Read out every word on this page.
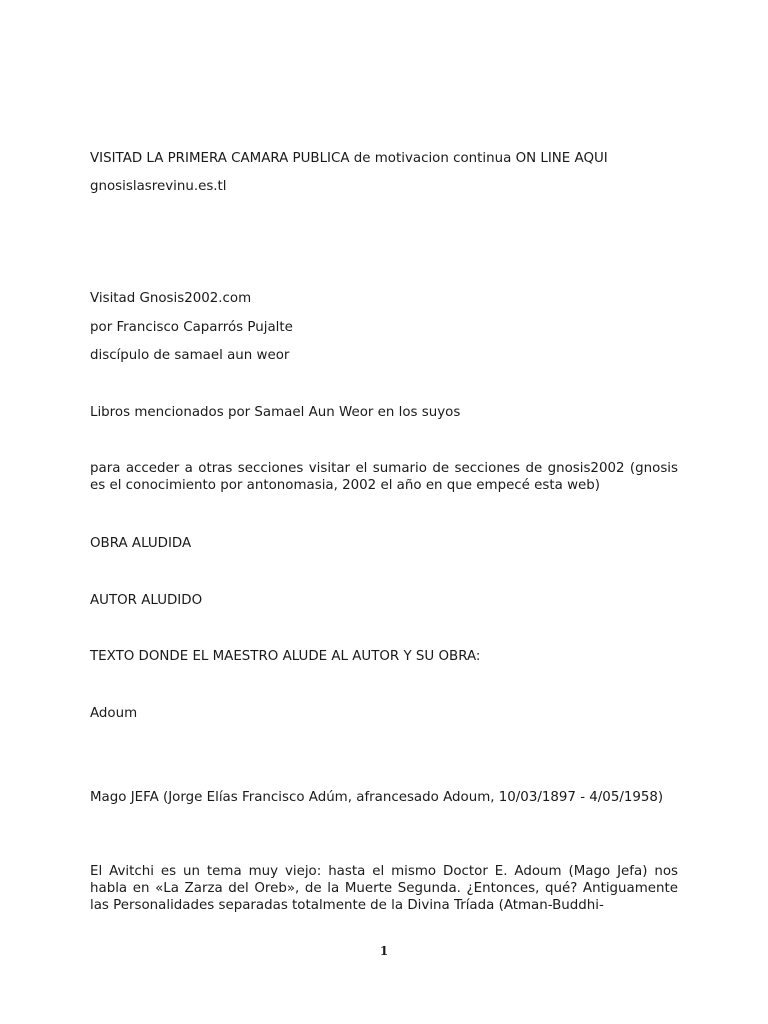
VISITAD LA PRIMERA CAMARA PUBLICA de motivacion continua ON LINE AQUI
gnosislasrevinu.es.tl
Visitad Gnosis2002.com
por Francisco Caparrós Pujalte
discípulo de samael aun weor
Libros mencionados por Samael Aun Weor en los suyos
para acceder a otras secciones visitar el sumario de secciones de gnosis2002 (gnosis es el conocimiento por antonomasia, 2002 el año en que empecé esta web)
OBRA ALUDIDA
AUTOR ALUDIDO
TEXTO DONDE EL MAESTRO ALUDE AL AUTOR Y SU OBRA:
Adoum
Mago JEFA (Jorge Elías Francisco Adúm, afrancesado Adoum, 10/03/1897 - 4/05/1958)
El Avitchi es un tema muy viejo: hasta el mismo Doctor E. Adoum (Mago Jefa) nos habla en «La Zarza del Oreb», de la Muerte Segunda. ¿Entonces, qué? Antiguamente las Personalidades separadas totalmente de la Divina Tríada (Atman-Buddhi-
1
